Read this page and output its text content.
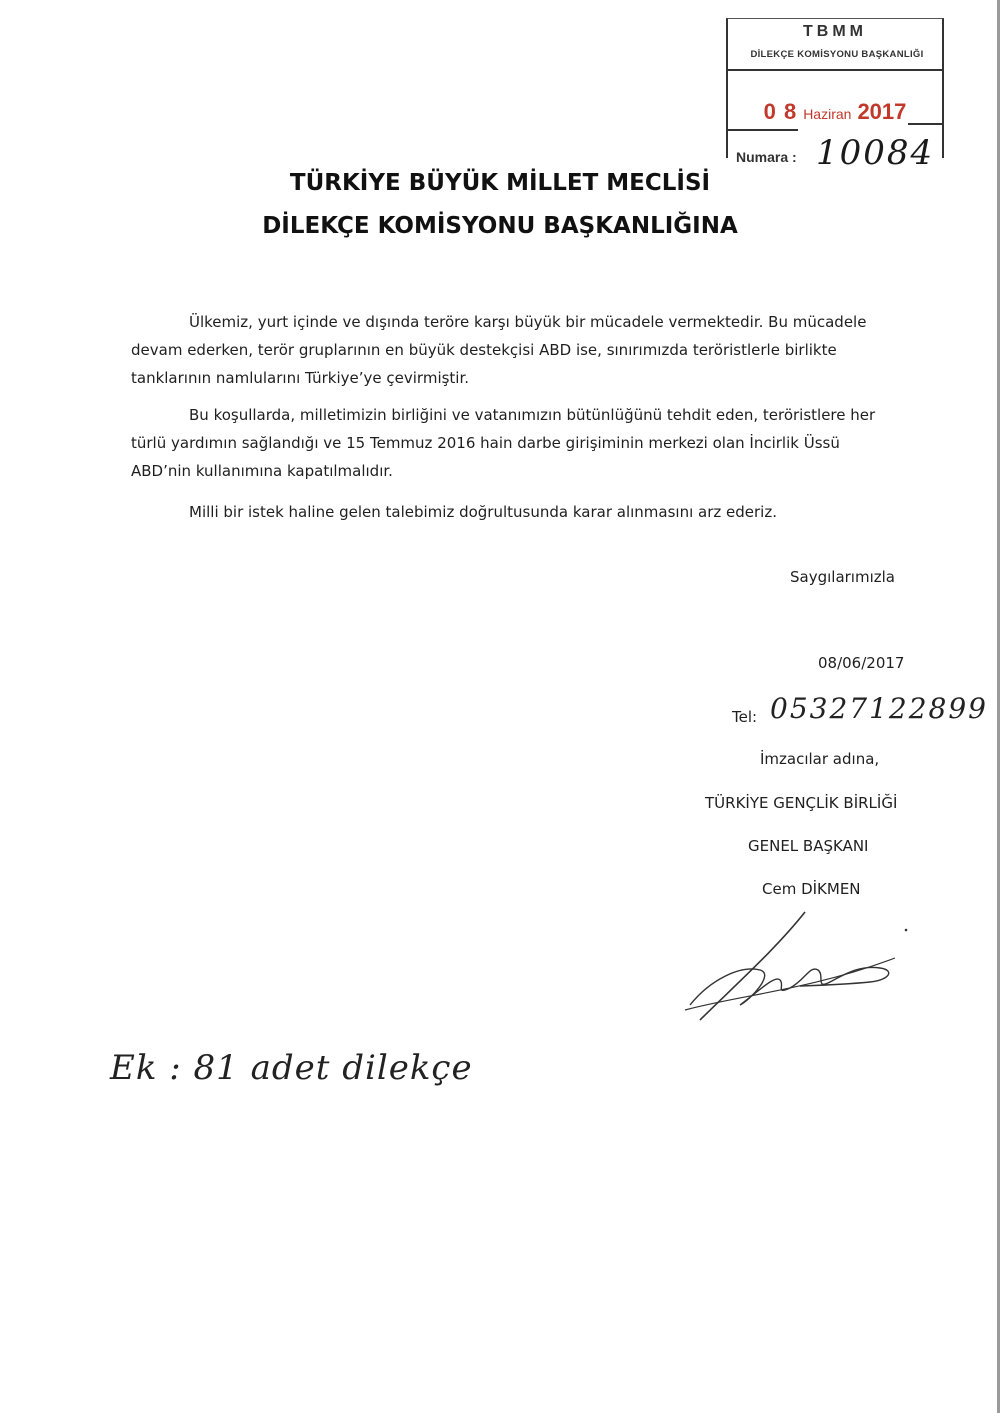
TBMM
DİLEKÇE KOMİSYONU BAŞKANLIĞI
0 8 Haziran 2017
Numara : 10084
TÜRKİYE BÜYÜK MİLLET MECLİSİ
DİLEKÇE KOMİSYONU BAŞKANLIĞINA

Ülkemiz, yurt içinde ve dışında teröre karşı büyük bir mücadele vermektedir. Bu mücadele devam ederken, terör gruplarının en büyük destekçisi ABD ise, sınırımızda teröristlerle birlikte tanklarının namlularını Türkiye’ye çevirmiştir.

Bu koşullarda, milletimizin birliğini ve vatanımızın bütünlüğünü tehdit eden, teröristlere her türlü yardımın sağlandığı ve 15 Temmuz 2016 hain darbe girişiminin merkezi olan İncirlik Üssü ABD’nin kullanımına kapatılmalıdır.

Milli bir istek haline gelen talebimiz doğrultusunda karar alınmasını arz ederiz.

Saygılarımızla
08/06/2017
Tel: 05327122899
İmzacılar adına,
TÜRKİYE GENÇLİK BİRLİĞİ
GENEL BAŞKANI
Cem DİKMEN
Ek : 81 adet dilekçe
